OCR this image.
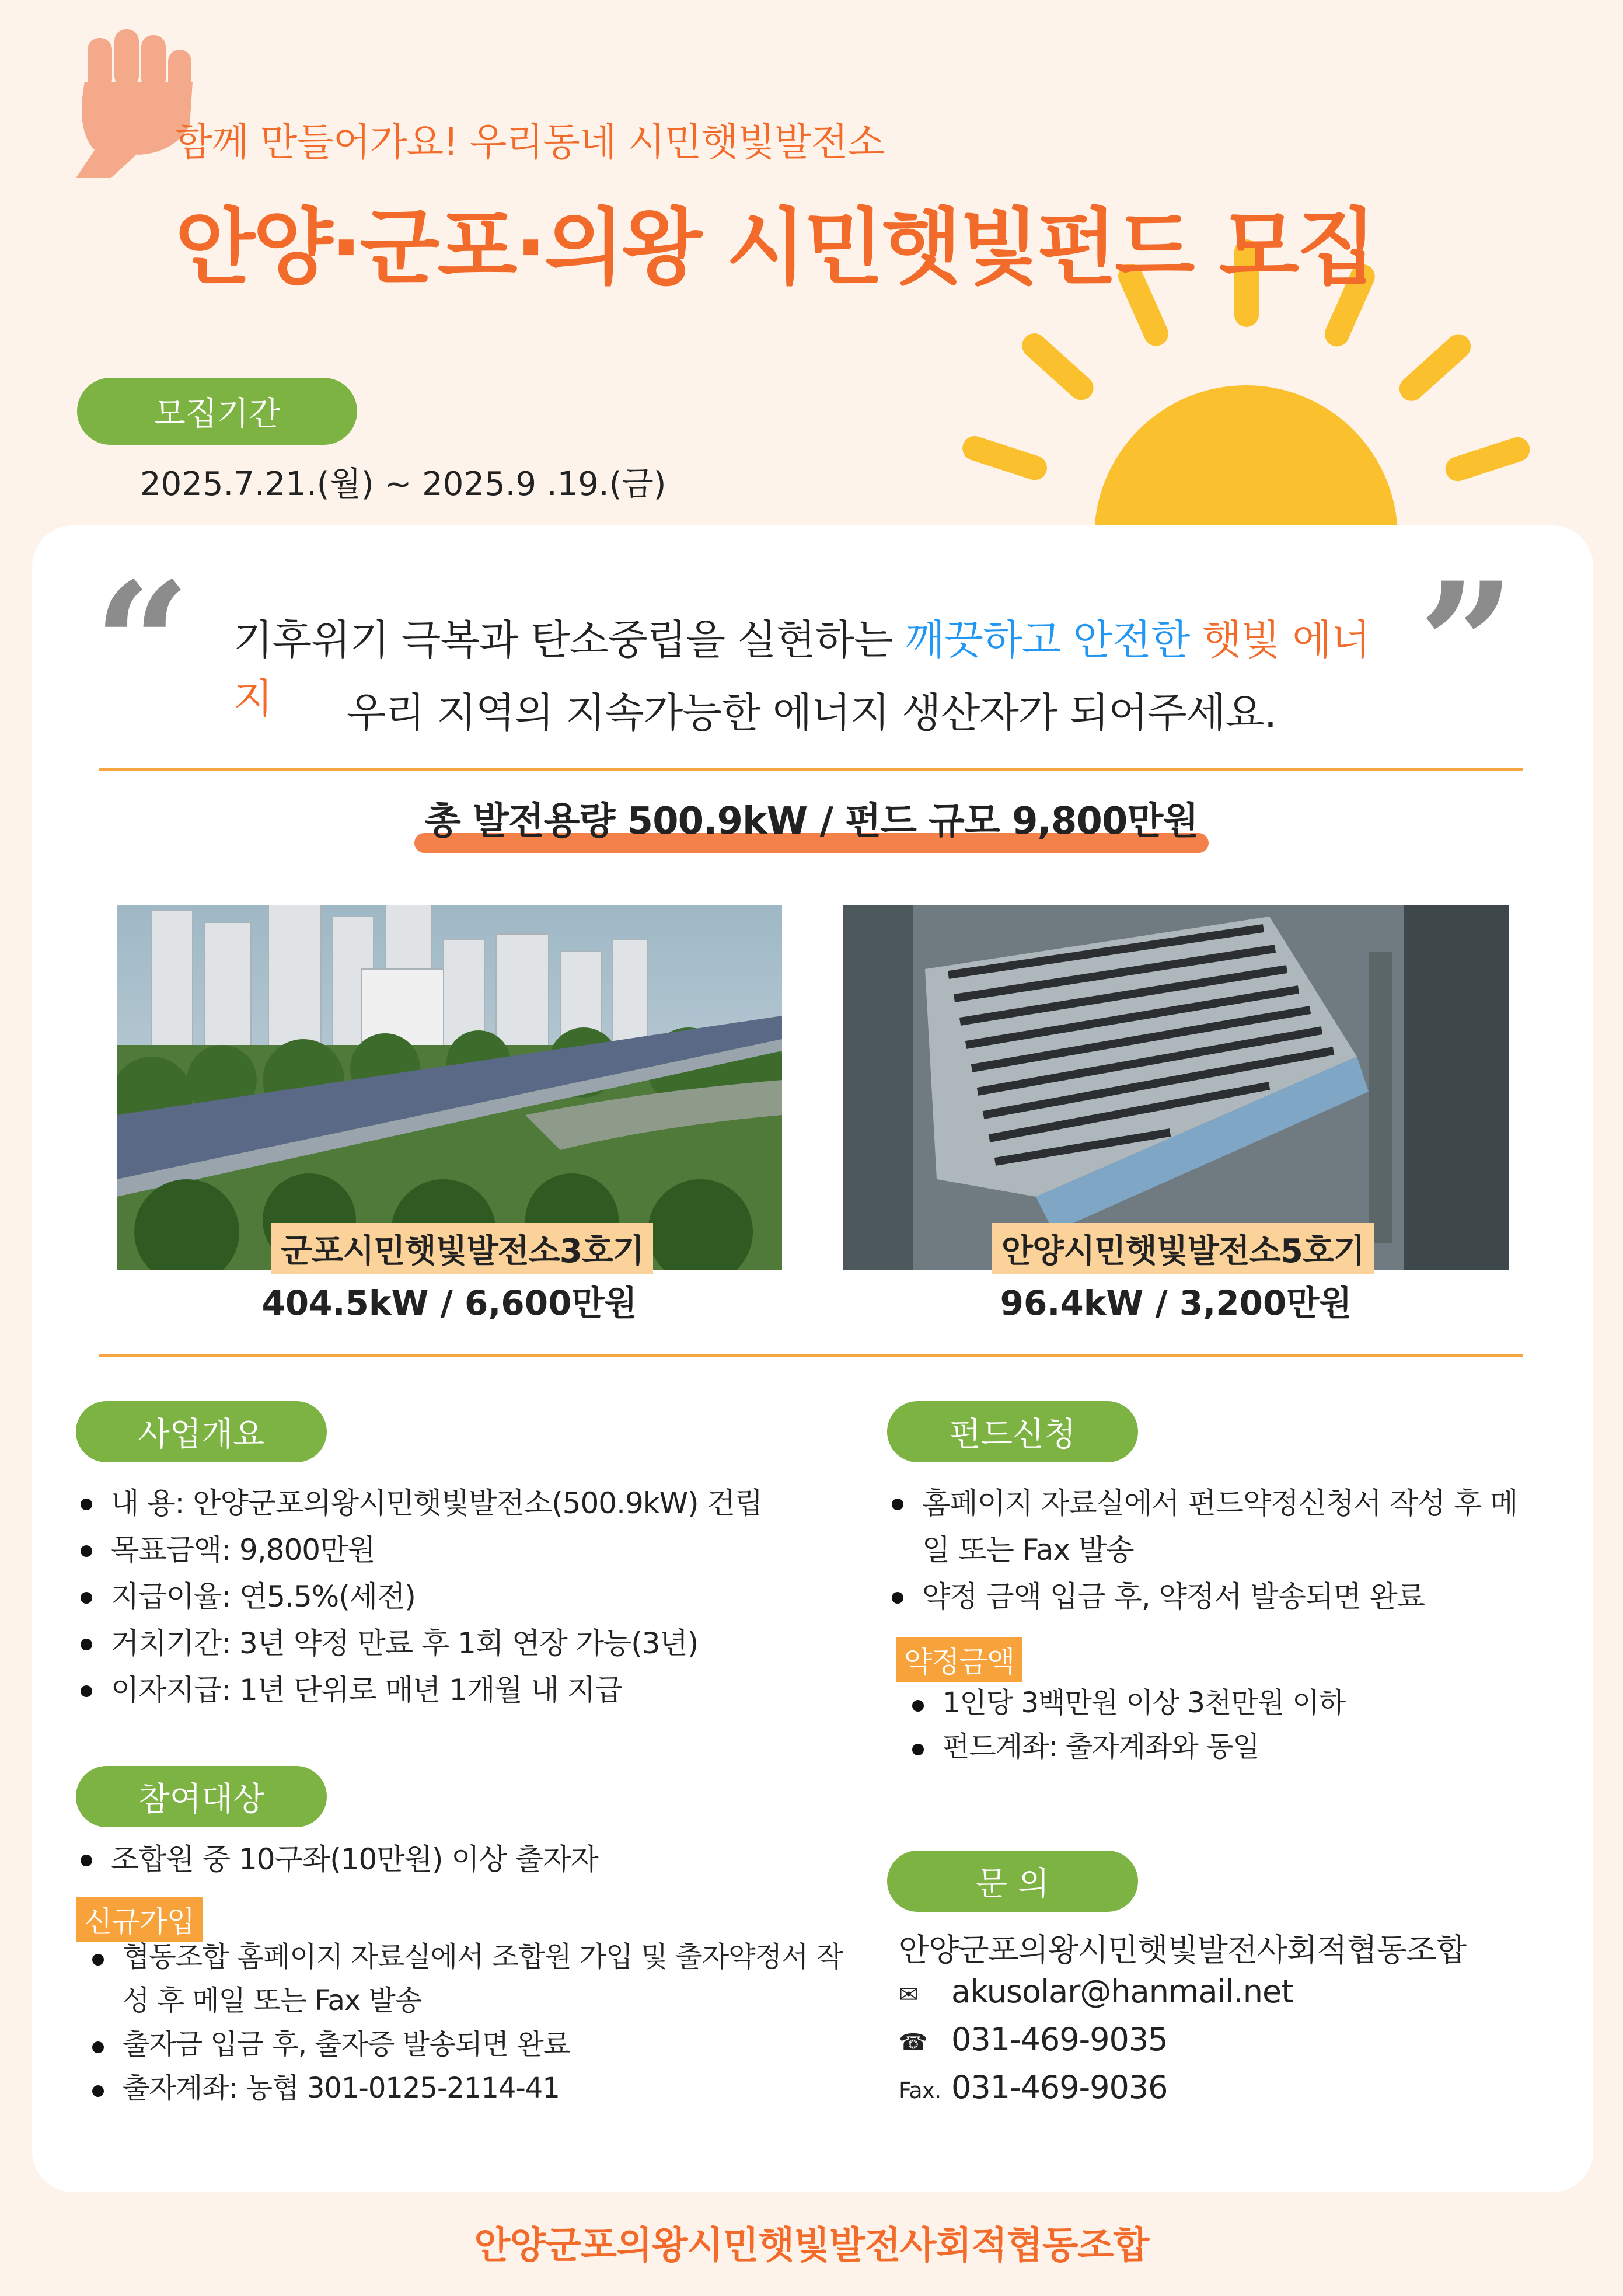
함께 만들어가요! 우리동네 시민햇빛발전소
안양·군포·의왕 시민햇빛펀드 모집
모집기간
2025.7.21.(월) ~ 2025.9 .19.(금)
“	”
기후위기 극복과 탄소중립을 실현하는 깨끗하고 안전한 햇빛 에너지	우리 지역의 지속가능한 에너지 생산자가 되어주세요.
총 발전용량 500.9kW / 펀드 규모 9,800만원
군포시민햇빛발전소3호기	안양시민햇빛발전소5호기
404.5kW / 6,600만원	96.4kW / 3,200만원
사업개요
내 용: 안양군포의왕시민햇빛발전소(500.9kW) 건립
목표금액: 9,800만원
지급이율: 연5.5%(세전)
거치기간: 3년 약정 만료 후 1회 연장 가능(3년)
이자지급: 1년 단위로 매년 1개월 내 지급
참여대상
조합원 중 10구좌(10만원) 이상 출자자
신규가입
협동조합 홈페이지 자료실에서 조합원 가입 및 출자약정서 작성 후 메일 또는 Fax 발송
출자금 입금 후, 출자증 발송되면 완료
출자계좌: 농협 301-0125-2114-41
펀드신청
홈페이지 자료실에서 펀드약정신청서 작성 후 메일 또는 Fax 발송
약정 금액 입금 후, 약정서 발송되면 완료
약정금액
1인당 3백만원 이상 3천만원 이하
펀드계좌: 출자계좌와 동일
문 의
안양군포의왕시민햇빛발전사회적협동조합
✉ akusolar@hanmail.net
☎ 031-469-9035
Fax. 031-469-9036
안양군포의왕시민햇빛발전사회적협동조합
